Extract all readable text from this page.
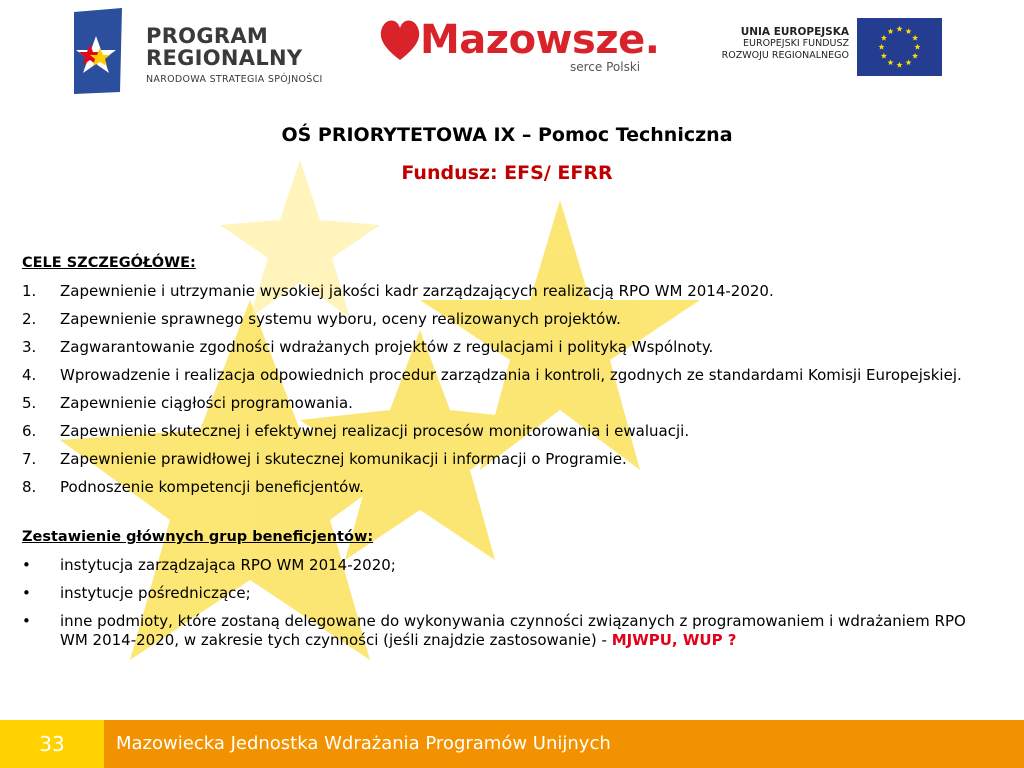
PROGRAM
REGIONALNY
NARODOWA STRATEGIA SPÓJNOŚCI
Mazowsze.
serce Polski
UNIA EUROPEJSKA
EUROPEJSKI FUNDUSZ
ROZWOJU REGIONALNEGO
OŚ PRIORYTETOWA IX – Pomoc Techniczna
Fundusz: EFS/ EFRR
CELE SZCZEGÓŁÓWE:
1. Zapewnienie i utrzymanie wysokiej jakości kadr zarządzających realizacją RPO WM 2014-2020.
2. Zapewnienie sprawnego systemu wyboru, oceny realizowanych projektów.
3. Zagwarantowanie zgodności wdrażanych projektów z regulacjami i polityką Wspólnoty.
4. Wprowadzenie i realizacja odpowiednich procedur zarządzania i kontroli, zgodnych ze standardami Komisji Europejskiej.
5. Zapewnienie ciągłości programowania.
6. Zapewnienie skutecznej i efektywnej realizacji procesów monitorowania i ewaluacji.
7. Zapewnienie prawidłowej i skutecznej komunikacji i informacji o Programie.
8. Podnoszenie kompetencji beneficjentów.
Zestawienie głównych grup beneficjentów:
• instytucja zarządzająca RPO WM 2014-2020;
• instytucje pośredniczące;
• inne podmioty, które zostaną delegowane do wykonywania czynności związanych z programowaniem i wdrażaniem RPO WM 2014-2020, w zakresie tych czynności (jeśli znajdzie zastosowanie) - MJWPU, WUP ?
33	Mazowiecka Jednostka Wdrażania Programów Unijnych
